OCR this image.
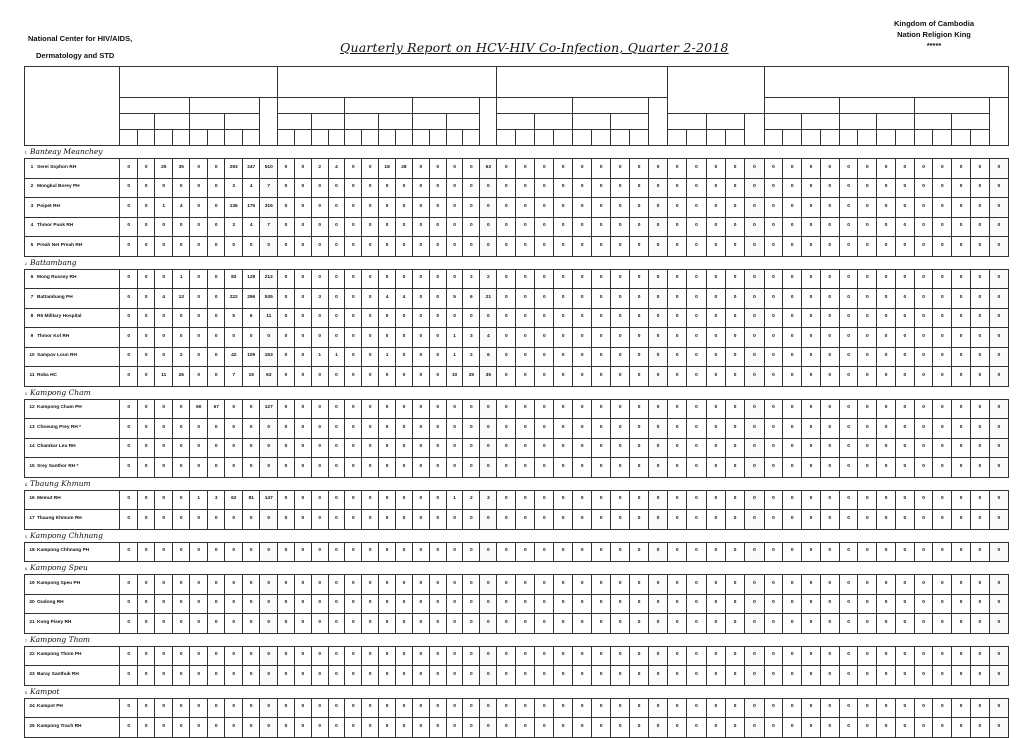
National Center for HIV/AIDS,
Dermatology and STD
Kingdom of Cambodia
Nation Religion King
*****
Quarterly Report on HCV-HIV Co-Infection, Quarter 2-2018

1 Banteay Meanchey																																																	
1 Serei Sophon RH	0	0	25	35	0	0	293	247	510	0	0	2	4	0	0	18	28	0	0	0	0	53	0	0	0	0	0	0	0	0	0	0	0	0	0	0	0	0	0	0	0	0	0	0	0	0	0	0	0
2 Mongkul Borey PH	0	0	0	0	0	0	3	4	7	0	0	0	0	0	0	0	0	0	0	0	0	0	0	0	0	0	0	0	0	0	0	0	0	0	0	0	0	0	0	0	0	0	0	0	0	0	0	0	0
3 Poipet RH	0	0	1	4	0	0	136	175	316	0	0	0	0	0	0	0	0	0	0	0	0	0	0	0	0	0	0	0	0	0	0	0	0	0	0	0	0	0	0	0	0	0	0	0	0	0	0	0	0
4 Thmor Puok RH	0	0	0	0	0	0	3	4	7	0	0	0	0	0	0	0	0	0	0	0	0	0	0	0	0	0	0	0	0	0	0	0	0	0	0	0	0	0	0	0	0	0	0	0	0	0	0	0	0
5 Preah Net Preah RH	0	0	0	0	0	0	0	0	0	0	0	0	0	0	0	0	0	0	0	0	0	0	0	0	0	0	0	0	0	0	0	0	0	0	0	0	0	0	0	0	0	0	0	0	0	0	0	0	0
2 Battambang																																																	
6 Mong Russey RH	0	0	0	1	0	0	83	128	212	0	0	0	0	0	0	0	0	0	0	0	2	2	0	0	0	0	0	0	0	0	0	0	0	0	0	0	0	0	0	0	0	0	0	0	0	0	0	0	0
7 Battambang PH	0	0	4	13	0	0	222	296	535	0	0	3	0	0	0	4	4	0	0	5	6	21	0	0	0	0	0	0	0	0	0	0	0	0	0	0	0	0	0	0	0	0	0	0	0	0	0	0	0
8 R5 Military Hospital	0	0	0	0	0	0	5	6	11	0	0	0	0	0	0	0	0	0	0	0	0	0	0	0	0	0	0	0	0	0	0	0	0	0	0	0	0	0	0	0	0	0	0	0	0	0	0	0	0
9 Thmor Kol RH	0	0	0	0	0	0	0	0	0	0	0	0	0	0	0	0	0	0	0	1	3	4	0	0	0	0	0	0	0	0	0	0	0	0	0	0	0	0	0	0	0	0	0	0	0	0	0	0	0
10 Sampov Loun RH	0	0	0	2	0	0	42	109	153	0	0	1	1	0	0	1	0	0	0	1	2	6	0	0	0	0	0	0	0	0	0	0	0	0	0	0	0	0	0	0	0	0	0	0	0	0	0	0	0
11 Roka HC	0	0	11	26	0	0	7	19	63	0	0	0	0	0	0	0	0	0	0	10	25	35	0	0	0	0	0	0	0	0	0	0	0	0	0	0	0	0	0	0	0	0	0	0	0	0	0	0	0
3 Kampong Cham																																																	
12 Kampong Cham PH	0	0	0	0	60	67	0	0	127	0	0	0	0	0	0	0	0	0	0	0	0	0	0	0	0	0	0	0	0	0	0	0	0	0	0	0	0	0	0	0	0	0	0	0	0	0	0	0	0
13 Choeung Prey RH *	0	0	0	0	0	0	0	0	0	0	0	0	0	0	0	0	0	0	0	0	0	0	0	0	0	0	0	0	0	0	0	0	0	0	0	0	0	0	0	0	0	0	0	0	0	0	0	0	0
14 Chamkar Leu RH	0	0	0	0	0	0	0	0	0	0	0	0	0	0	0	0	0	0	0	0	0	0	0	0	0	0	0	0	0	0	0	0	0	0	0	0	0	0	0	0	0	0	0	0	0	0	0	0	0
15 Srey Santhor RH *	0	0	0	0	0	0	0	0	0	0	0	0	0	0	0	0	0	0	0	0	0	0	0	0	0	0	0	0	0	0	0	0	0	0	0	0	0	0	0	0	0	0	0	0	0	0	0	0	0
4 Tbaung Khmum																																																	
16 Memut RH	0	0	0	0	1	3	62	81	147	0	0	0	0	0	0	0	0	0	0	1	2	3	0	0	0	0	0	0	0	0	0	0	0	0	0	0	0	0	0	0	0	0	0	0	0	0	0	0	0
17 Tbaung Khmum RH	0	0	0	0	0	0	0	0	0	0	0	0	0	0	0	0	0	0	0	0	0	0	0	0	0	0	0	0	0	0	0	0	0	0	0	0	0	0	0	0	0	0	0	0	0	0	0	0	0
5 Kampong Chhnang																																																	
18 Kampong Chhnang PH	0	0	0	0	0	0	0	0	0	0	0	0	0	0	0	0	0	0	0	0	0	0	0	0	0	0	0	0	0	0	0	0	0	0	0	0	0	0	0	0	0	0	0	0	0	0	0	0	0
6 Kampong Speu																																																	
19 Kampong Speu PH	0	0	0	0	0	0	0	0	0	0	0	0	0	0	0	0	0	0	0	0	0	0	0	0	0	0	0	0	0	0	0	0	0	0	0	0	0	0	0	0	0	0	0	0	0	0	0	0	0
20 Oudong RH	0	0	0	0	0	0	0	0	0	0	0	0	0	0	0	0	0	0	0	0	0	0	0	0	0	0	0	0	0	0	0	0	0	0	0	0	0	0	0	0	0	0	0	0	0	0	0	0	0
21 Kong Pisey RH	0	0	0	0	0	0	0	0	0	0	0	0	0	0	0	0	0	0	0	0	0	0	0	0	0	0	0	0	0	0	0	0	0	0	0	0	0	0	0	0	0	0	0	0	0	0	0	0	0
7 Kampong Thom																																																	
22 Kampong Thom PH	0	0	0	0	0	0	0	0	0	0	0	0	0	0	0	0	0	0	0	0	0	0	0	0	0	0	0	0	0	0	0	0	0	0	0	0	0	0	0	0	0	0	0	0	0	0	0	0	0
23 Baray Santhuk RH	0	0	0	0	0	0	0	0	0	0	0	0	0	0	0	0	0	0	0	0	0	0	0	0	0	0	0	0	0	0	0	0	0	0	0	0	0	0	0	0	0	0	0	0	0	0	0	0	0
8 Kampot																																																	
24 Kampot PH	0	0	0	0	0	0	0	0	0	0	0	0	0	0	0	0	0	0	0	0	0	0	0	0	0	0	0	0	0	0	0	0	0	0	0	0	0	0	0	0	0	0	0	0	0	0	0	0	0
25 Kampong Trach RH	0	0	0	0	0	0	0	0	0	0	0	0	0	0	0	0	0	0	0	0	0	0	0	0	0	0	0	0	0	0	0	0	0	0	0	0	0	0	0	0	0	0	0	0	0	0	0	0	0
